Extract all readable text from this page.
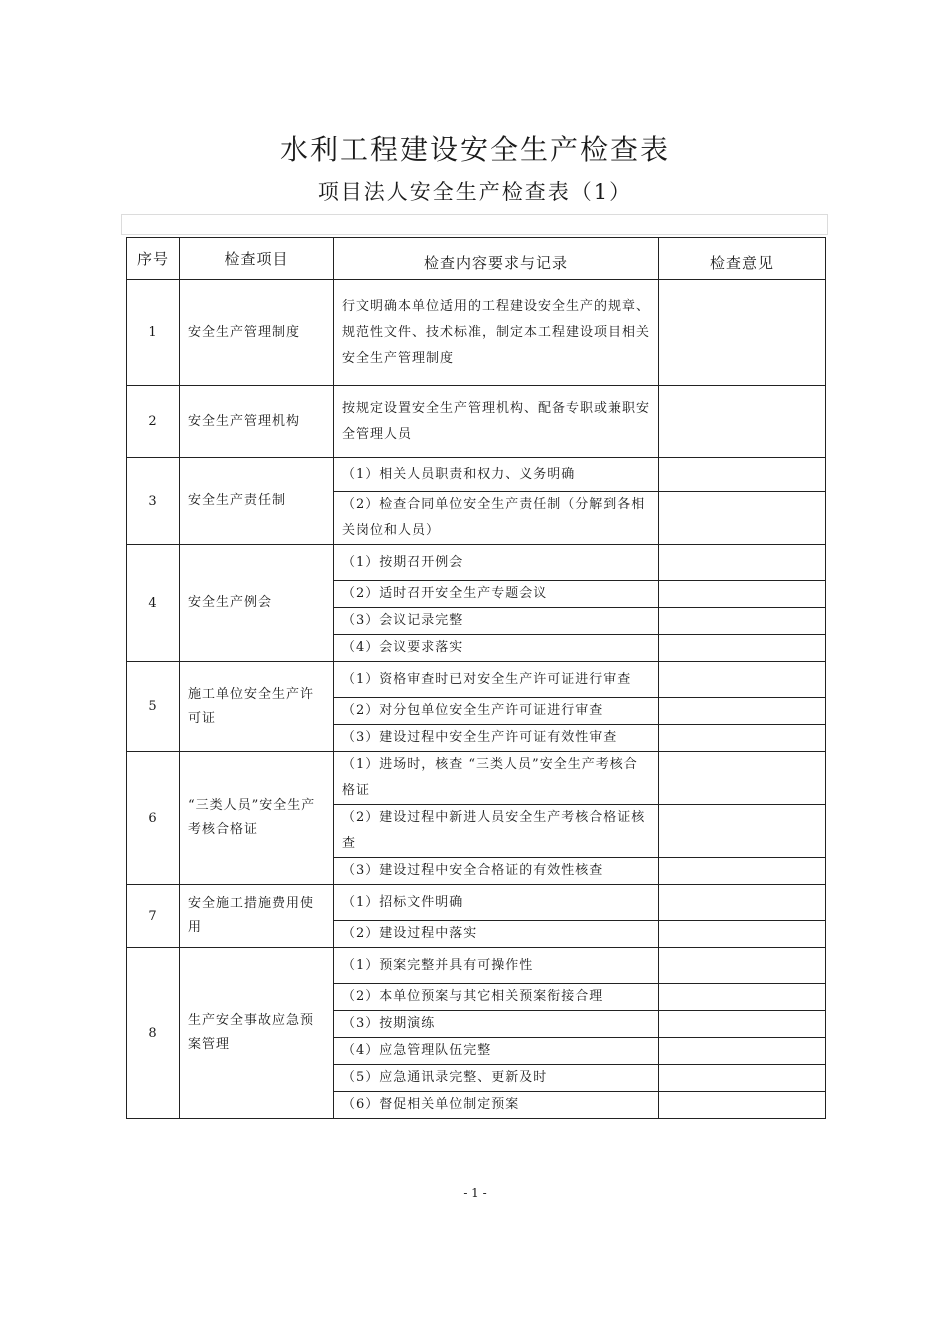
水利工程建设安全生产检查表
项目法人安全生产检查表（1）
序号	检查项目	检查内容要求与记录	检查意见
1	安全生产管理制度	行文明确本单位适用的工程建设安全生产的规章、规范性文件、技术标准，制定本工程建设项目相关安全生产管理制度	
2	安全生产管理机构	按规定设置安全生产管理机构、配备专职或兼职安全管理人员	
3	安全生产责任制	（1）相关人员职责和权力、义务明确	
		（2）检查合同单位安全生产责任制（分解到各相关岗位和人员）	
4	安全生产例会	（1）按期召开例会	
		（2）适时召开安全生产专题会议	
		（3）会议记录完整	
		（4）会议要求落实	
5	施工单位安全生产许可证	（1）资格审查时已对安全生产许可证进行审查	
		（2）对分包单位安全生产许可证进行审查	
		（3）建设过程中安全生产许可证有效性审查	
6	“三类人员”安全生产考核合格证	（1）进场时，核查 “三类人员”安全生产考核合格证	
		（2）建设过程中新进人员安全生产考核合格证核查	
		（3）建设过程中安全合格证的有效性核查	
7	安全施工措施费用使用	（1）招标文件明确	
		（2）建设过程中落实	
8	生产安全事故应急预案管理	（1）预案完整并具有可操作性	
		（2）本单位预案与其它相关预案衔接合理	
		（3）按期演练	
		（4）应急管理队伍完整	
		（5）应急通讯录完整、更新及时	
		（6）督促相关单位制定预案	
- 1 -
